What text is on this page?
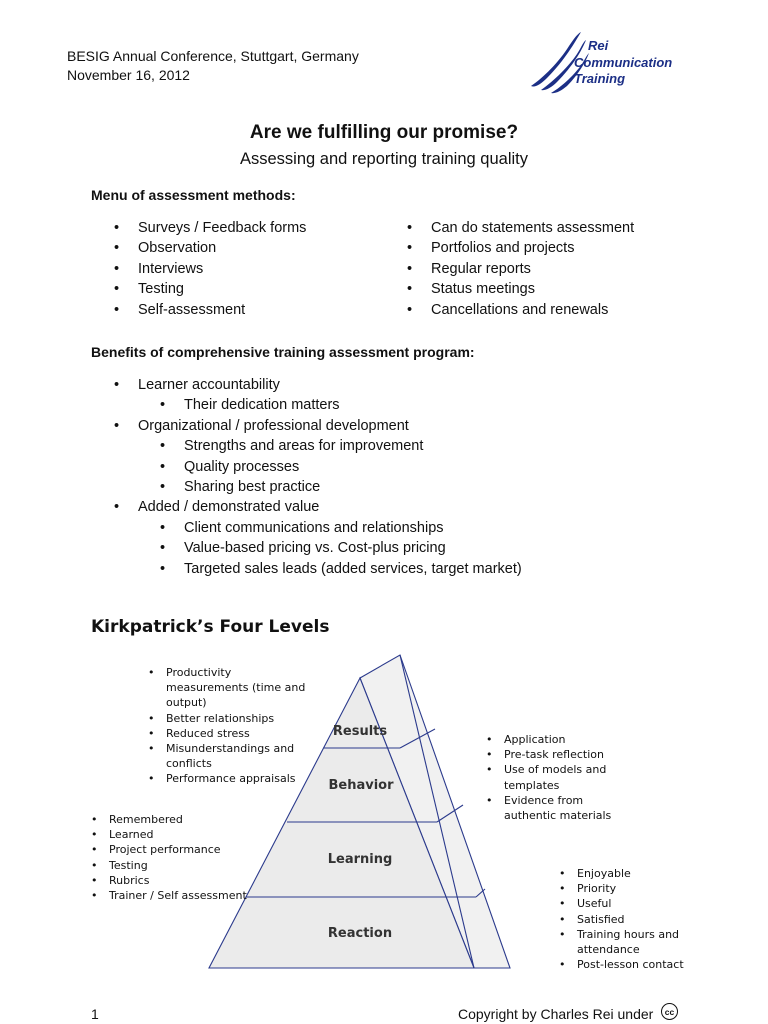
BESIG Annual Conference, Stuttgart, Germany
November 16, 2012
Rei
Communication
Training
Are we fulfilling our promise?
Assessing and reporting training quality
Menu of assessment methods:
• Surveys / Feedback forms
• Observation
• Interviews
• Testing
• Self-assessment
• Can do statements assessment
• Portfolios and projects
• Regular reports
• Status meetings
• Cancellations and renewals
Benefits of comprehensive training assessment program:
• Learner accountability
• Their dedication matters
• Organizational / professional development
• Strengths and areas for improvement
• Quality processes
• Sharing best practice
• Added / demonstrated value
• Client communications and relationships
• Value-based pricing vs. Cost-plus pricing
• Targeted sales leads (added services, target market)
Kirkpatrick’s Four Levels
Results
Behavior
Learning
Reaction
• Productivity measurements (time and output)
• Better relationships
• Reduced stress
• Misunderstandings and conflicts
• Performance appraisals
• Application
• Pre-task reflection
• Use of models and templates
• Evidence from authentic materials
• Remembered
• Learned
• Project performance
• Testing
• Rubrics
• Trainer / Self assessment
• Enjoyable
• Priority
• Useful
• Satisfied
• Training hours and attendance
• Post-lesson contact
1	Copyright by Charles Rei under	cc
